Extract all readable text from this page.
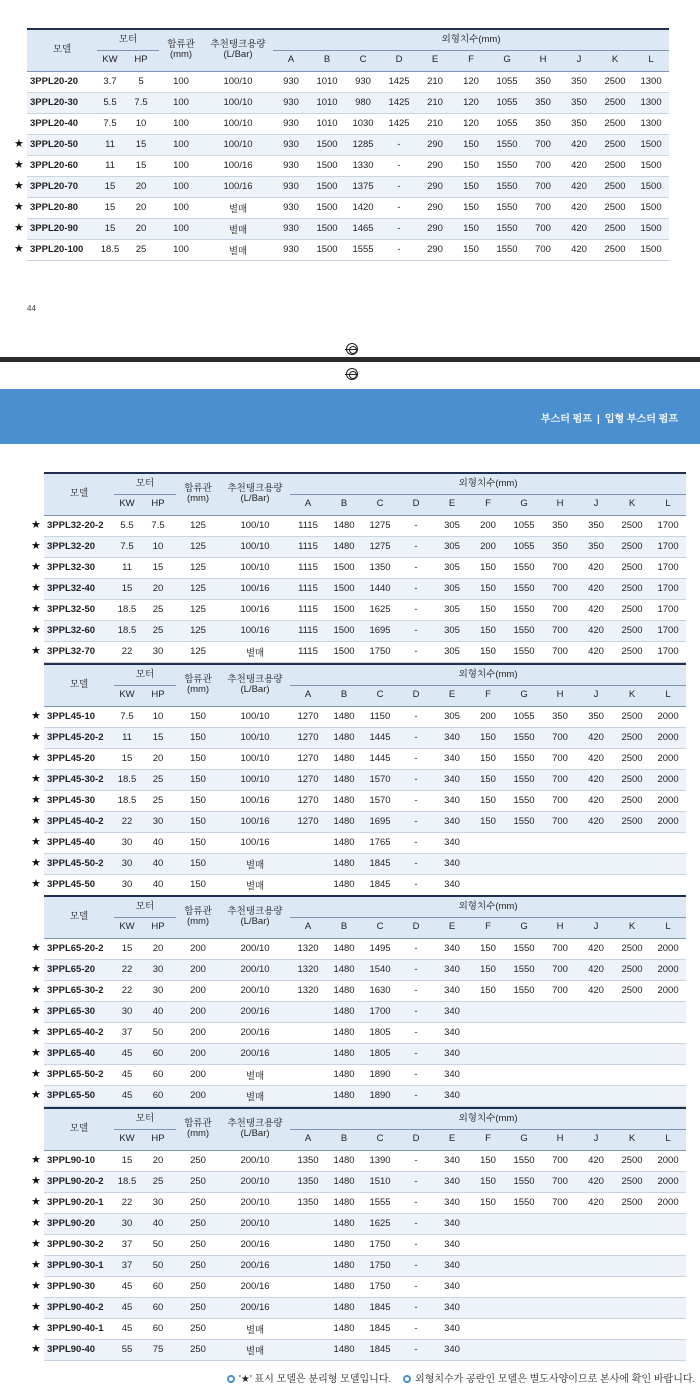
모델	모터		합류관
(mm)	추천탱크용량
(L/Bar)	외형치수(mm)										
	KW	HP			A	B	C	D	E	F	G	H	J	K	L
3PPL20-20	3.7	5	100	100/10	930	1010	930	1425	210	120	1055	350	350	2500	1300
3PPL20-30	5.5	7.5	100	100/10	930	1010	980	1425	210	120	1055	350	350	2500	1300
3PPL20-40	7.5	10	100	100/10	930	1010	1030	1425	210	120	1055	350	350	2500	1300
3PPL20-50	11	15	100	100/10	930	1500	1285	-	290	150	1550	700	420	2500	1500
3PPL20-60	11	15	100	100/16	930	1500	1330	-	290	150	1550	700	420	2500	1500
3PPL20-70	15	20	100	100/16	930	1500	1375	-	290	150	1550	700	420	2500	1500
3PPL20-80	15	20	100	별매	930	1500	1420	-	290	150	1550	700	420	2500	1500
3PPL20-90	15	20	100	별매	930	1500	1465	-	290	150	1550	700	420	2500	1500
3PPL20-100	18.5	25	100	별매	930	1500	1555	-	290	150	1550	700	420	2500	1500
44
부스터 펌프 | 입형 부스터 펌프
모델	모터		합류관
(mm)	추천탱크용량
(L/Bar)	외형치수(mm)										
	KW	HP			A	B	C	D	E	F	G	H	J	K	L
3PPL32-20-2	5.5	7.5	125	100/10	1115	1480	1275	-	305	200	1055	350	350	2500	1700
3PPL32-20	7.5	10	125	100/10	1115	1480	1275	-	305	200	1055	350	350	2500	1700
3PPL32-30	11	15	125	100/10	1115	1500	1350	-	305	150	1550	700	420	2500	1700
3PPL32-40	15	20	125	100/16	1115	1500	1440	-	305	150	1550	700	420	2500	1700
3PPL32-50	18.5	25	125	100/16	1115	1500	1625	-	305	150	1550	700	420	2500	1700
3PPL32-60	18.5	25	125	100/16	1115	1500	1695	-	305	150	1550	700	420	2500	1700
3PPL32-70	22	30	125	별매	1115	1500	1750	-	305	150	1550	700	420	2500	1700
모델	모터		합류관
(mm)	추천탱크용량
(L/Bar)	외형치수(mm)										
	KW	HP			A	B	C	D	E	F	G	H	J	K	L
3PPL45-10	7.5	10	150	100/10	1270	1480	1150	-	305	200	1055	350	350	2500	2000
3PPL45-20-2	11	15	150	100/10	1270	1480	1445	-	340	150	1550	700	420	2500	2000
3PPL45-20	15	20	150	100/10	1270	1480	1445	-	340	150	1550	700	420	2500	2000
3PPL45-30-2	18.5	25	150	100/10	1270	1480	1570	-	340	150	1550	700	420	2500	2000
3PPL45-30	18.5	25	150	100/16	1270	1480	1570	-	340	150	1550	700	420	2500	2000
3PPL45-40-2	22	30	150	100/16	1270	1480	1695	-	340	150	1550	700	420	2500	2000
3PPL45-40	30	40	150	100/16		1480	1765	-	340						
3PPL45-50-2	30	40	150	별매		1480	1845	-	340						
3PPL45-50	30	40	150	별매		1480	1845	-	340						
모델	모터		합류관
(mm)	추천탱크용량
(L/Bar)	외형치수(mm)										
	KW	HP			A	B	C	D	E	F	G	H	J	K	L
3PPL65-20-2	15	20	200	200/10	1320	1480	1495	-	340	150	1550	700	420	2500	2000
3PPL65-20	22	30	200	200/10	1320	1480	1540	-	340	150	1550	700	420	2500	2000
3PPL65-30-2	22	30	200	200/10	1320	1480	1630	-	340	150	1550	700	420	2500	2000
3PPL65-30	30	40	200	200/16		1480	1700	-	340						
3PPL65-40-2	37	50	200	200/16		1480	1805	-	340						
3PPL65-40	45	60	200	200/16		1480	1805	-	340						
3PPL65-50-2	45	60	200	별매		1480	1890	-	340						
3PPL65-50	45	60	200	별매		1480	1890	-	340						
모델	모터		합류관
(mm)	추천탱크용량
(L/Bar)	외형치수(mm)										
	KW	HP			A	B	C	D	E	F	G	H	J	K	L
3PPL90-10	15	20	250	200/10	1350	1480	1390	-	340	150	1550	700	420	2500	2000
3PPL90-20-2	18.5	25	250	200/10	1350	1480	1510	-	340	150	1550	700	420	2500	2000
3PPL90-20-1	22	30	250	200/10	1350	1480	1555	-	340	150	1550	700	420	2500	2000
3PPL90-20	30	40	250	200/10		1480	1625	-	340						
3PPL90-30-2	37	50	250	200/16		1480	1750	-	340						
3PPL90-30-1	37	50	250	200/16		1480	1750	-	340						
3PPL90-30	45	60	250	200/16		1480	1750	-	340						
3PPL90-40-2	45	60	250	200/16		1480	1845	-	340						
3PPL90-40-1	45	60	250	별매		1480	1845	-	340						
3PPL90-40	55	75	250	별매		1480	1845	-	340						
★
★
★
★
★
★
★
★
★
★
★
★
★
★
★
★
★
★
★
★
★
★
★
★
★
★
★
★
★
★
★
★
★
★
★
★
★
★
★
★
'★' 표시 모델은 분리형 모델입니다. 외형치수가 공란인 모델은 별도사양이므로 본사에 확인 바랍니다.
